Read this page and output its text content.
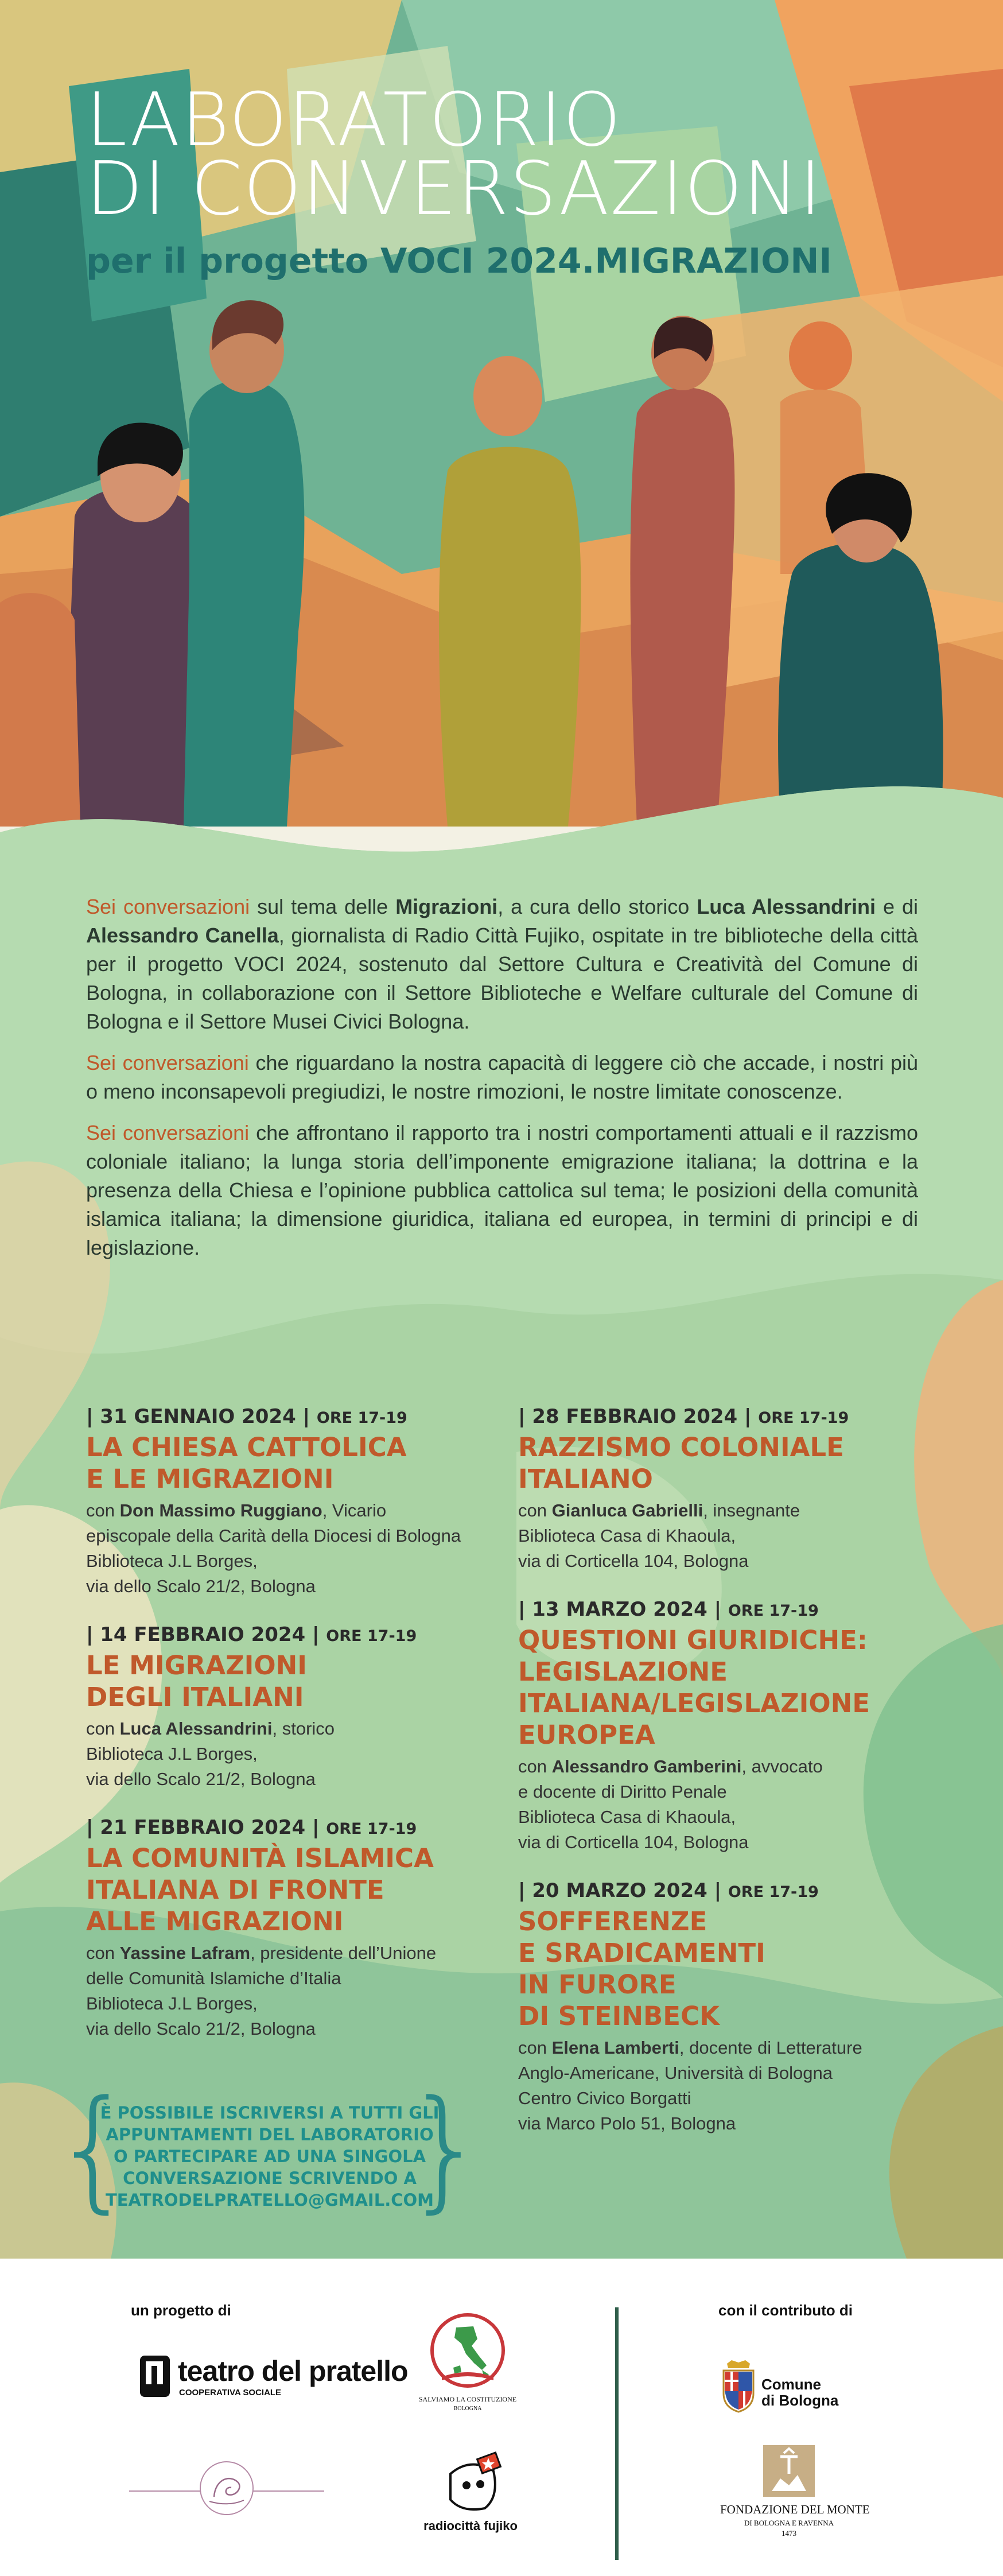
LABORATORIO
DI CONVERSAZIONI
per il progetto VOCI 2024.MIGRAZIONI

Sei conversazioni sul tema delle Migrazioni, a cura dello storico Luca Alessandrini e di Alessandro Canella, giornalista di Radio Città Fujiko, ospitate in tre biblioteche della città per il progetto VOCI 2024, sostenuto dal Settore Cultura e Creatività del Comune di Bologna, in collaborazione con il Settore Biblioteche e Welfare culturale del Comune di Bologna e il Settore Musei Civici Bologna.

Sei conversazioni che riguardano la nostra capacità di leggere ciò che accade, i nostri più o meno inconsapevoli pregiudizi, le nostre rimozioni, le nostre limitate conoscenze.

Sei conversazioni che affrontano il rapporto tra i nostri comportamenti attuali e il razzismo coloniale italiano; la lunga storia dell’imponente emigrazione italiana; la dottrina e la presenza della Chiesa e l’opinione pubblica cattolica sul tema; le posizioni della comunità islamica italiana; la dimensione giuridica, italiana ed europea, in termini di principi e di legislazione.

| 31 GENNAIO 2024 | ORE 17-19
LA CHIESA CATTOLICA
E LE MIGRAZIONI
con Don Massimo Ruggiano, Vicario
episcopale della Carità della Diocesi di Bologna
Biblioteca J.L Borges,
via dello Scalo 21/2, Bologna
| 14 FEBBRAIO 2024 | ORE 17-19
LE MIGRAZIONI
DEGLI ITALIANI
con Luca Alessandrini, storico
Biblioteca J.L Borges,
via dello Scalo 21/2, Bologna
| 21 FEBBRAIO 2024 | ORE 17-19
LA COMUNITÀ ISLAMICA
ITALIANA DI FRONTE
ALLE MIGRAZIONI
con Yassine Lafram, presidente dell’Unione
delle Comunità Islamiche d’Italia
Biblioteca J.L Borges,
via dello Scalo 21/2, Bologna
| 28 FEBBRAIO 2024 | ORE 17-19
RAZZISMO COLONIALE
ITALIANO
con Gianluca Gabrielli, insegnante
Biblioteca Casa di Khaoula,
via di Corticella 104, Bologna
| 13 MARZO 2024 | ORE 17-19
QUESTIONI GIURIDICHE:
LEGISLAZIONE
ITALIANA/LEGISLAZIONE
EUROPEA
con Alessandro Gamberini, avvocato
e docente di Diritto Penale
Biblioteca Casa di Khaoula,
via di Corticella 104, Bologna
| 20 MARZO 2024 | ORE 17-19
SOFFERENZE
E SRADICAMENTI
IN FURORE
DI STEINBECK
con Elena Lamberti, docente di Letterature
Anglo-Americane, Università di Bologna
Centro Civico Borgatti
via Marco Polo 51, Bologna
{
È POSSIBILE ISCRIVERSI A TUTTI GLI
APPUNTAMENTI DEL LABORATORIO
O PARTECIPARE AD UNA SINGOLA
CONVERSAZIONE SCRIVENDO A
TEATRODELPRATELLO@GMAIL.COM
}
un progetto di	con il contributo di
teatro del pratello
COOPERATIVA SOCIALE
SALVIAMO LA COSTITUZIONE
BOLOGNA
radiocittà fujiko
Comune
di Bologna
FONDAZIONE DEL MONTE
DI BOLOGNA E RAVENNA
1473
